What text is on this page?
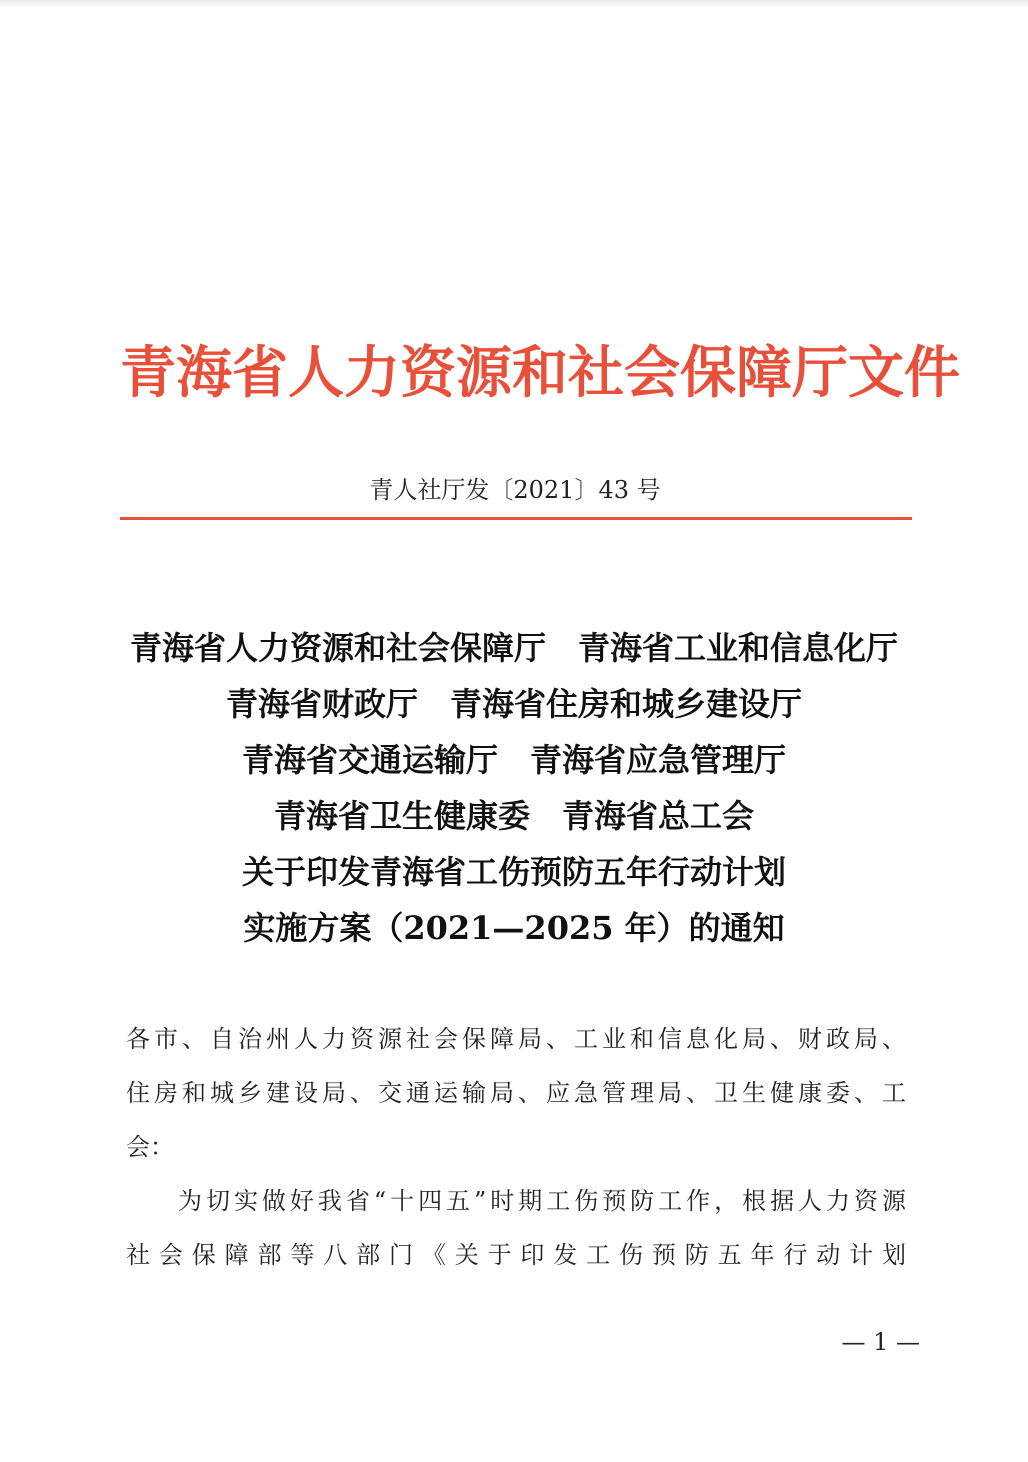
青海省人力资源和社会保障厅文件
青人社厅发〔2021〕43 号
青海省人力资源和社会保障厅 青海省工业和信息化厅
青海省财政厅 青海省住房和城乡建设厅
青海省交通运输厅 青海省应急管理厅
青海省卫生健康委 青海省总工会
关于印发青海省工伤预防五年行动计划
实施方案（2021—2025 年）的通知
各市、自治州人力资源社会保障局、工业和信息化局、财政局、
住房和城乡建设局、交通运输局、应急管理局、卫生健康委、工
会：
为切实做好我省“十四五”时期工伤预防工作，根据人力资源
社会保障部等八部门《关于印发工伤预防五年行动计划
— 1 —
